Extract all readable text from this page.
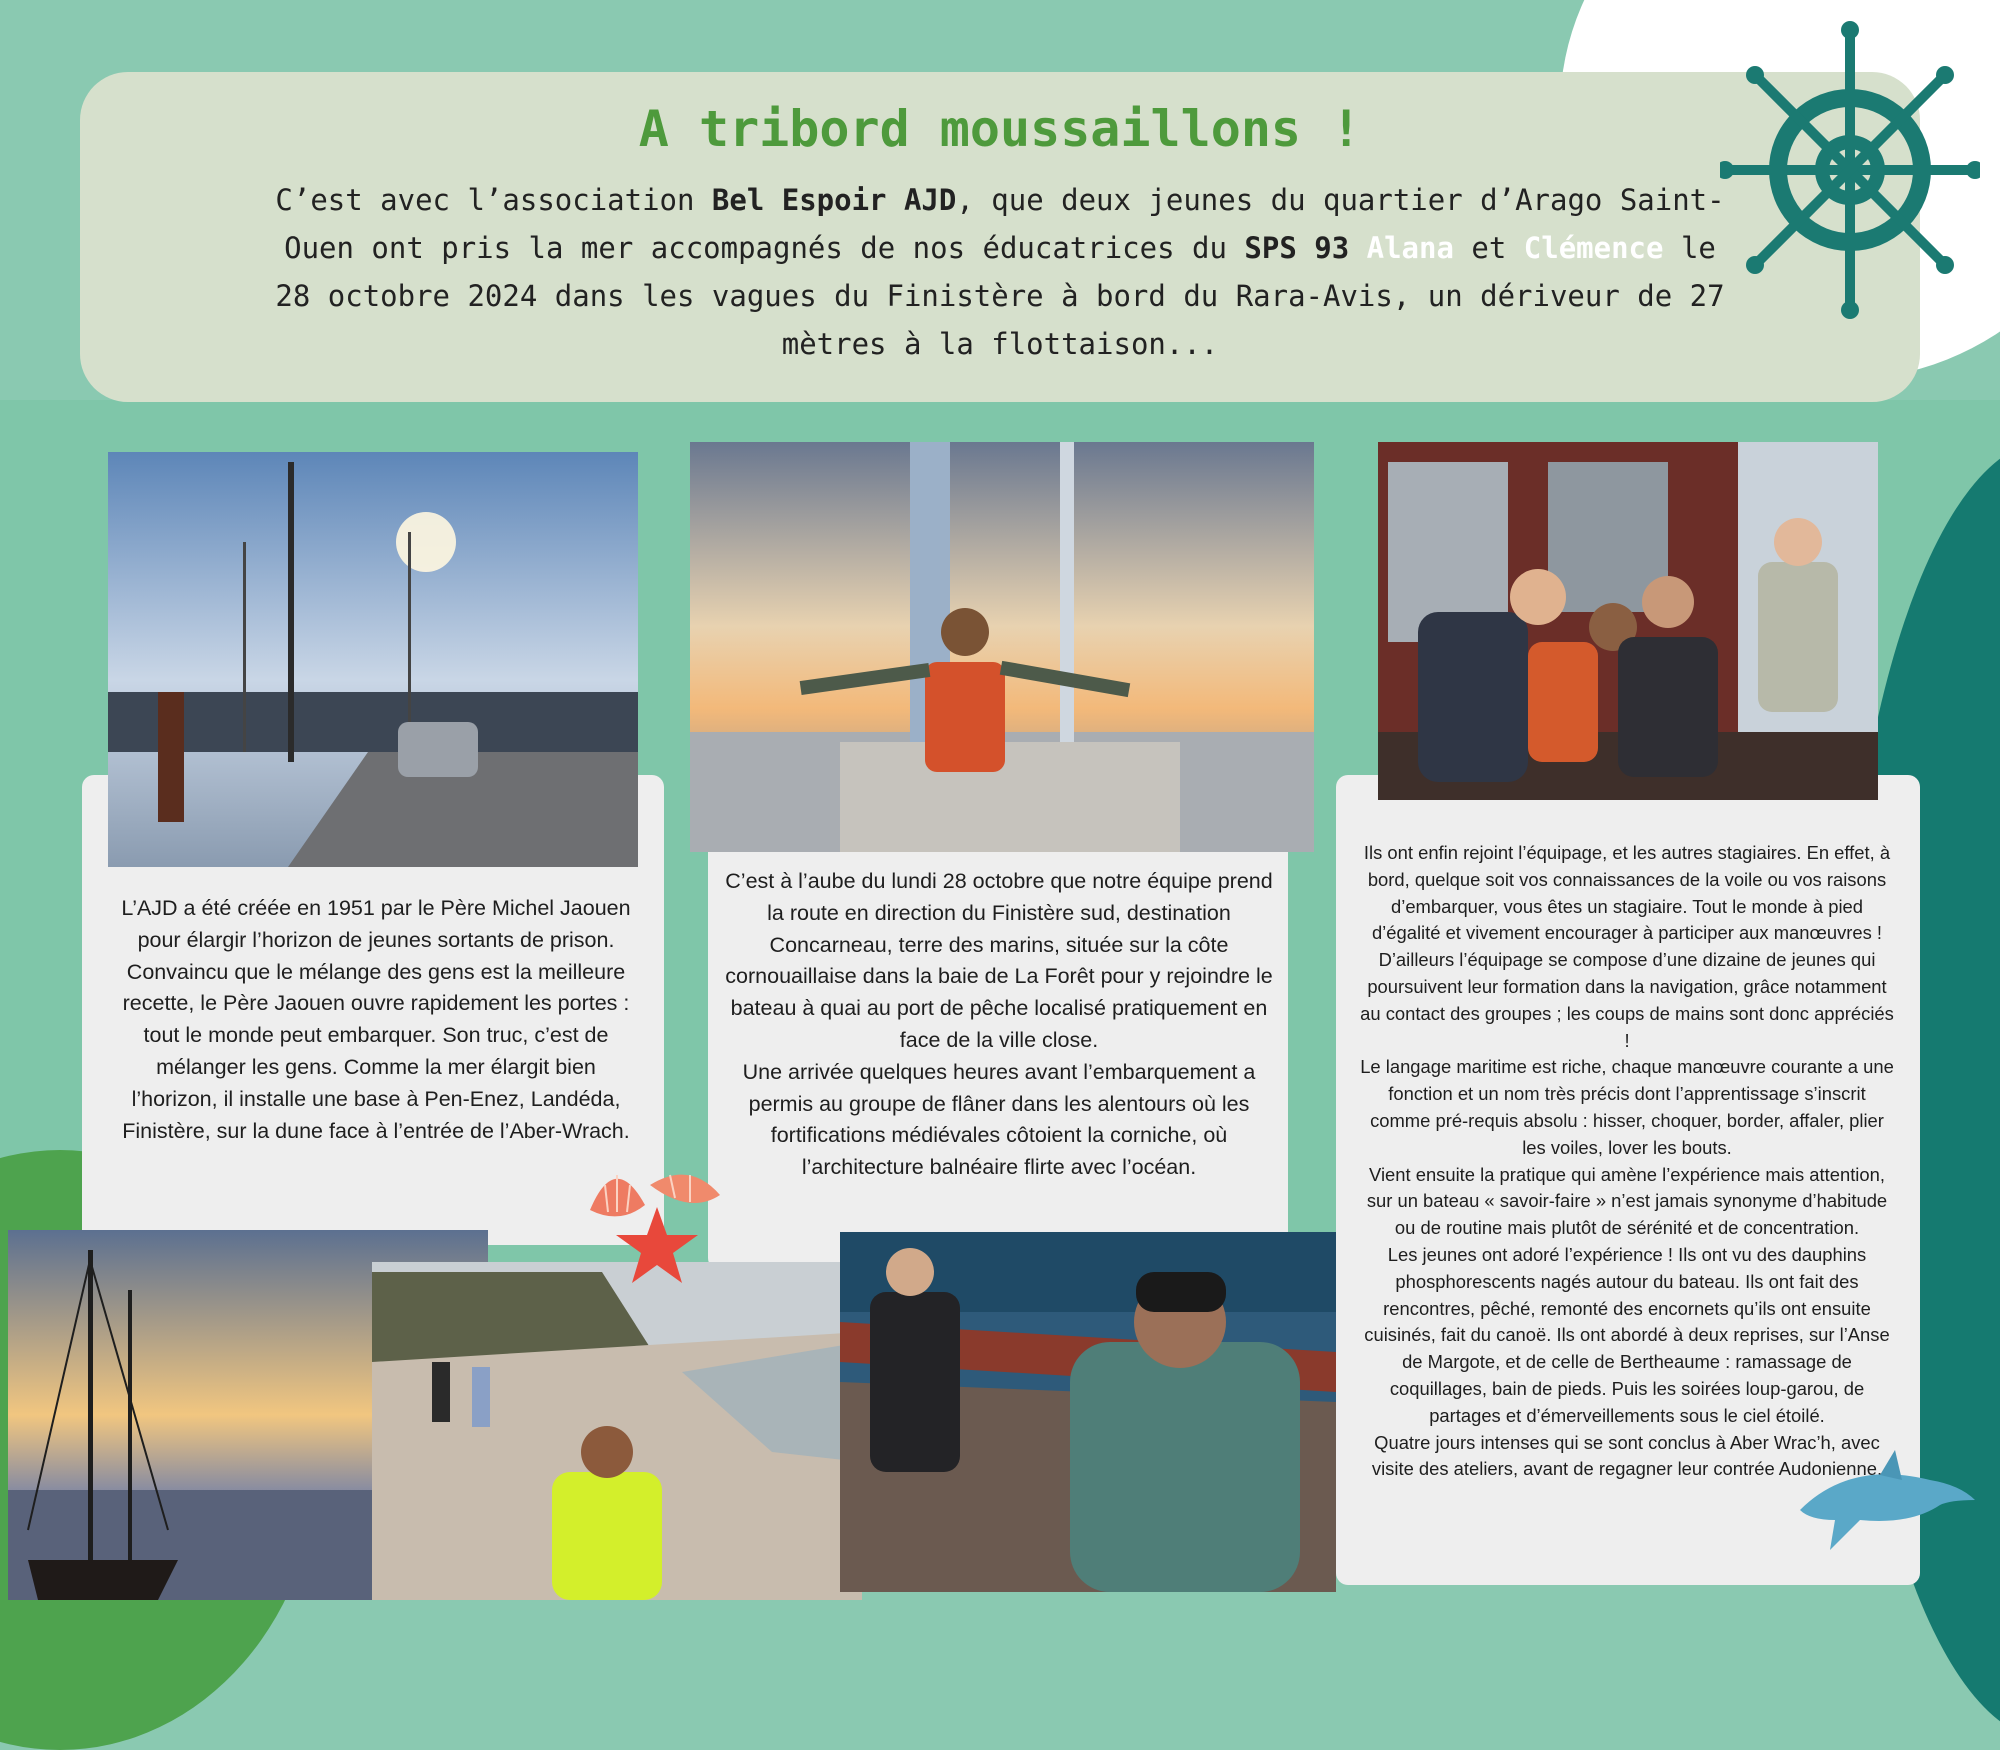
A tribord moussaillons !

C’est avec l’association Bel Espoir AJD, que deux jeunes du quartier d’Arago Saint-Ouen ont pris la mer accompagnés de nos éducatrices du SPS 93 Alana et Clémence le 28 octobre 2024 dans les vagues du Finistère à bord du Rara-Avis, un dériveur de 27 mètres à la flottaison...

L’AJD a été créée en 1951 par le Père Michel Jaouen pour élargir l’horizon de jeunes sortants de prison. Convaincu que le mélange des gens est la meilleure recette, le Père Jaouen ouvre rapidement les portes : tout le monde peut embarquer. Son truc, c’est de mélanger les gens. Comme la mer élargit bien l’horizon, il installe une base à Pen-Enez, Landéda, Finistère, sur la dune face à l’entrée de l’Aber-Wrach.

C’est à l’aube du lundi 28 octobre que notre équipe prend la route en direction du Finistère sud, destination Concarneau, terre des marins, située sur la côte cornouaillaise dans la baie de La Forêt pour y rejoindre le bateau à quai au port de pêche localisé pratiquement en face de la ville close.
Une arrivée quelques heures avant l’embarquement a permis au groupe de flâner dans les alentours où les fortifications médiévales côtoient la corniche, où l’architecture balnéaire flirte avec l’océan.

Ils ont enfin rejoint l’équipage, et les autres stagiaires. En effet, à bord, quelque soit vos connaissances de la voile ou vos raisons d’embarquer, vous êtes un stagiaire. Tout le monde à pied d’égalité et vivement encourager à participer aux manœuvres !
D’ailleurs l’équipage se compose d’une dizaine de jeunes qui poursuivent leur formation dans la navigation, grâce notamment au contact des groupes ; les coups de mains sont donc appréciés !
Le langage maritime est riche, chaque manœuvre courante a une fonction et un nom très précis dont l’apprentissage s’inscrit comme pré-requis absolu : hisser, choquer, border, affaler, plier les voiles, lover les bouts.
Vient ensuite la pratique qui amène l’expérience mais attention, sur un bateau « savoir-faire » n’est jamais synonyme d’habitude ou de routine mais plutôt de sérénité et de concentration.
Les jeunes ont adoré l’expérience ! Ils ont vu des dauphins phosphorescents nagés autour du bateau. Ils ont fait des rencontres, pêché, remonté des encornets qu’ils ont ensuite cuisinés, fait du canoë. Ils ont abordé à deux reprises, sur l’Anse de Margote, et de celle de Bertheaume : ramassage de coquillages, bain de pieds. Puis les soirées loup-garou, de partages et d’émerveillements sous le ciel étoilé.
Quatre jours intenses qui se sont conclus à Aber Wrac’h, avec visite des ateliers, avant de regagner leur contrée Audonienne.
